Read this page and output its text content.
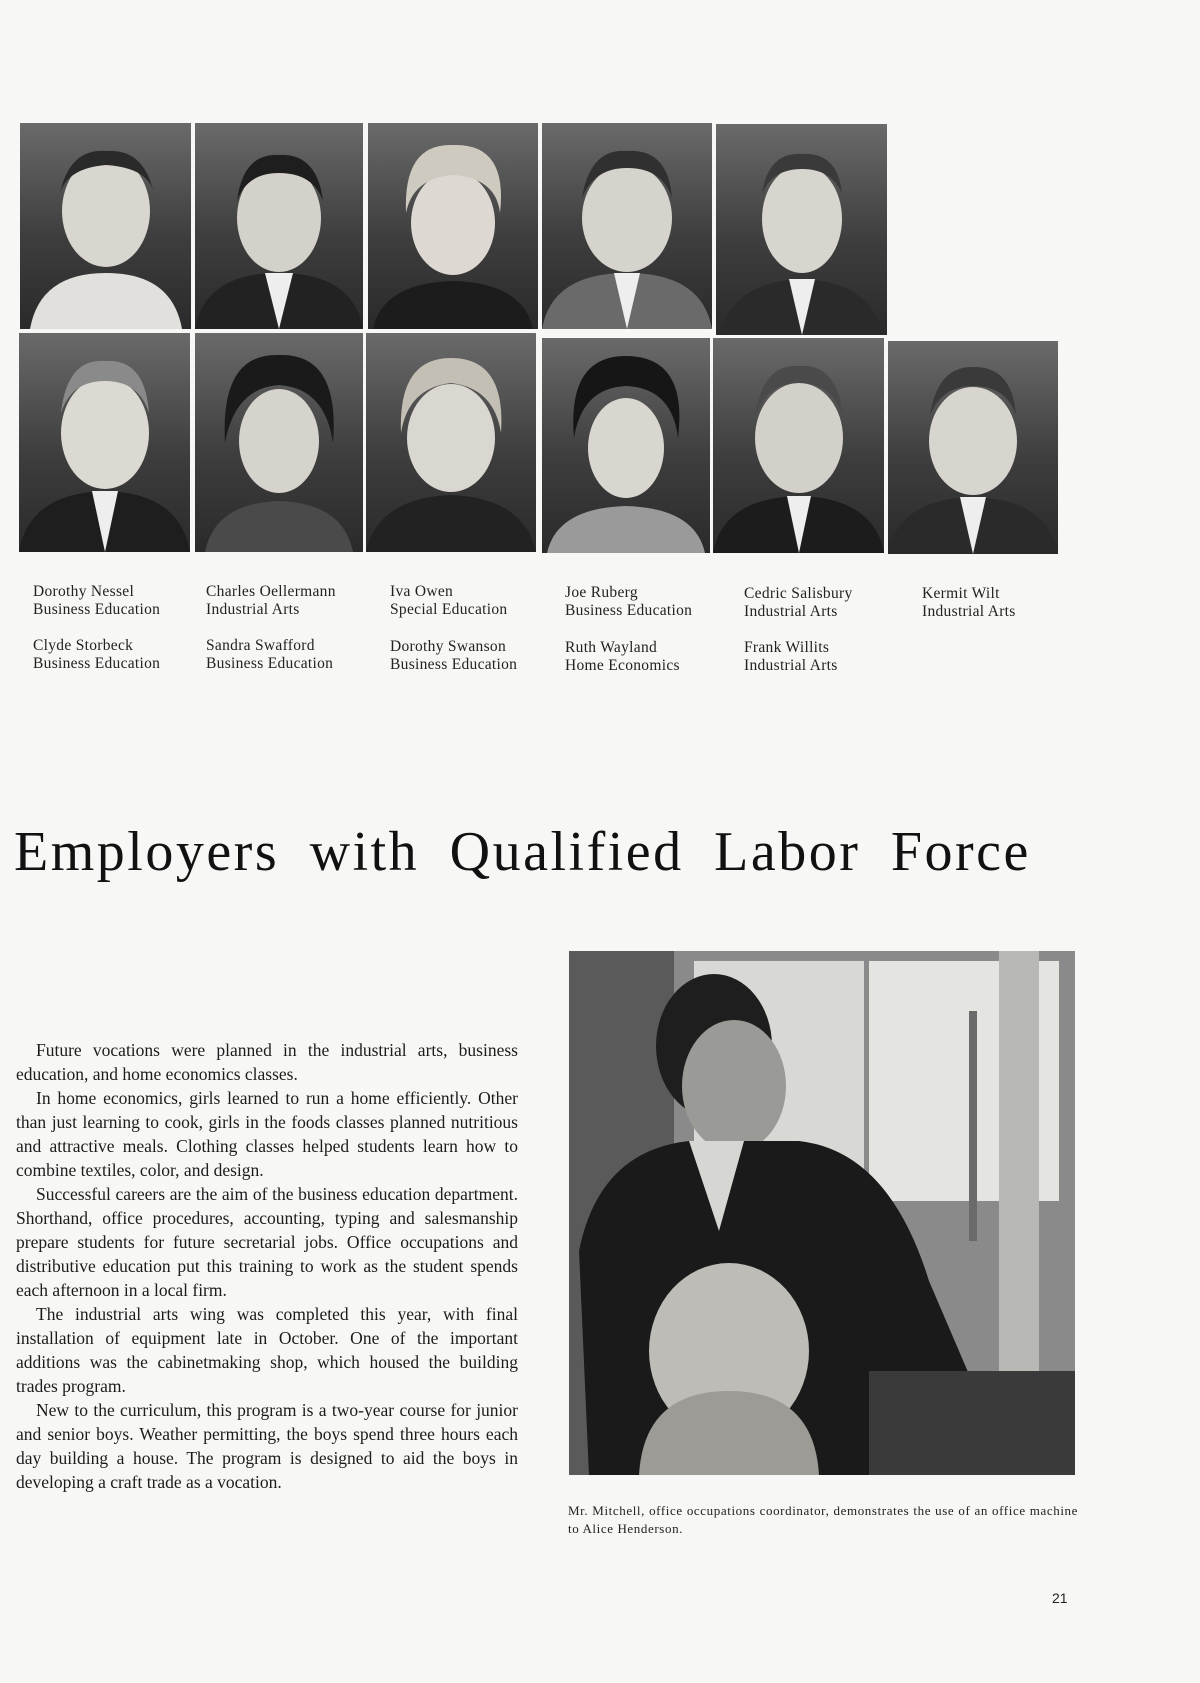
Dorothy Nessel
Business Education
Charles Oellermann
Industrial Arts
Iva Owen
Special Education
Joe Ruberg
Business Education
Cedric Salisbury
Industrial Arts
Kermit Wilt
Industrial Arts
Clyde Storbeck
Business Education
Sandra Swafford
Business Education
Dorothy Swanson
Business Education
Ruth Wayland
Home Economics
Frank Willits
Industrial Arts
Employers with Qualified Labor Force

Future vocations were planned in the industrial arts, business education, and home economics classes.

In home economics, girls learned to run a home efficiently. Other than just learning to cook, girls in the foods classes planned nutritious and attractive meals. Clothing classes helped students learn how to combine textiles, color, and design.

Successful careers are the aim of the business education department. Shorthand, office procedures, accounting, typing and salesmanship prepare students for future secretarial jobs. Office occupations and distributive education put this training to work as the student spends each afternoon in a local firm.

The industrial arts wing was completed this year, with final installation of equipment late in October. One of the important additions was the cabinetmaking shop, which housed the building trades program.

New to the curriculum, this program is a two-year course for junior and senior boys. Weather permitting, the boys spend three hours each day building a house. The program is designed to aid the boys in developing a craft trade as a vocation.

Mr. Mitchell, office occupations coordinator, demonstrates the use of an office machine to Alice Henderson.
21
